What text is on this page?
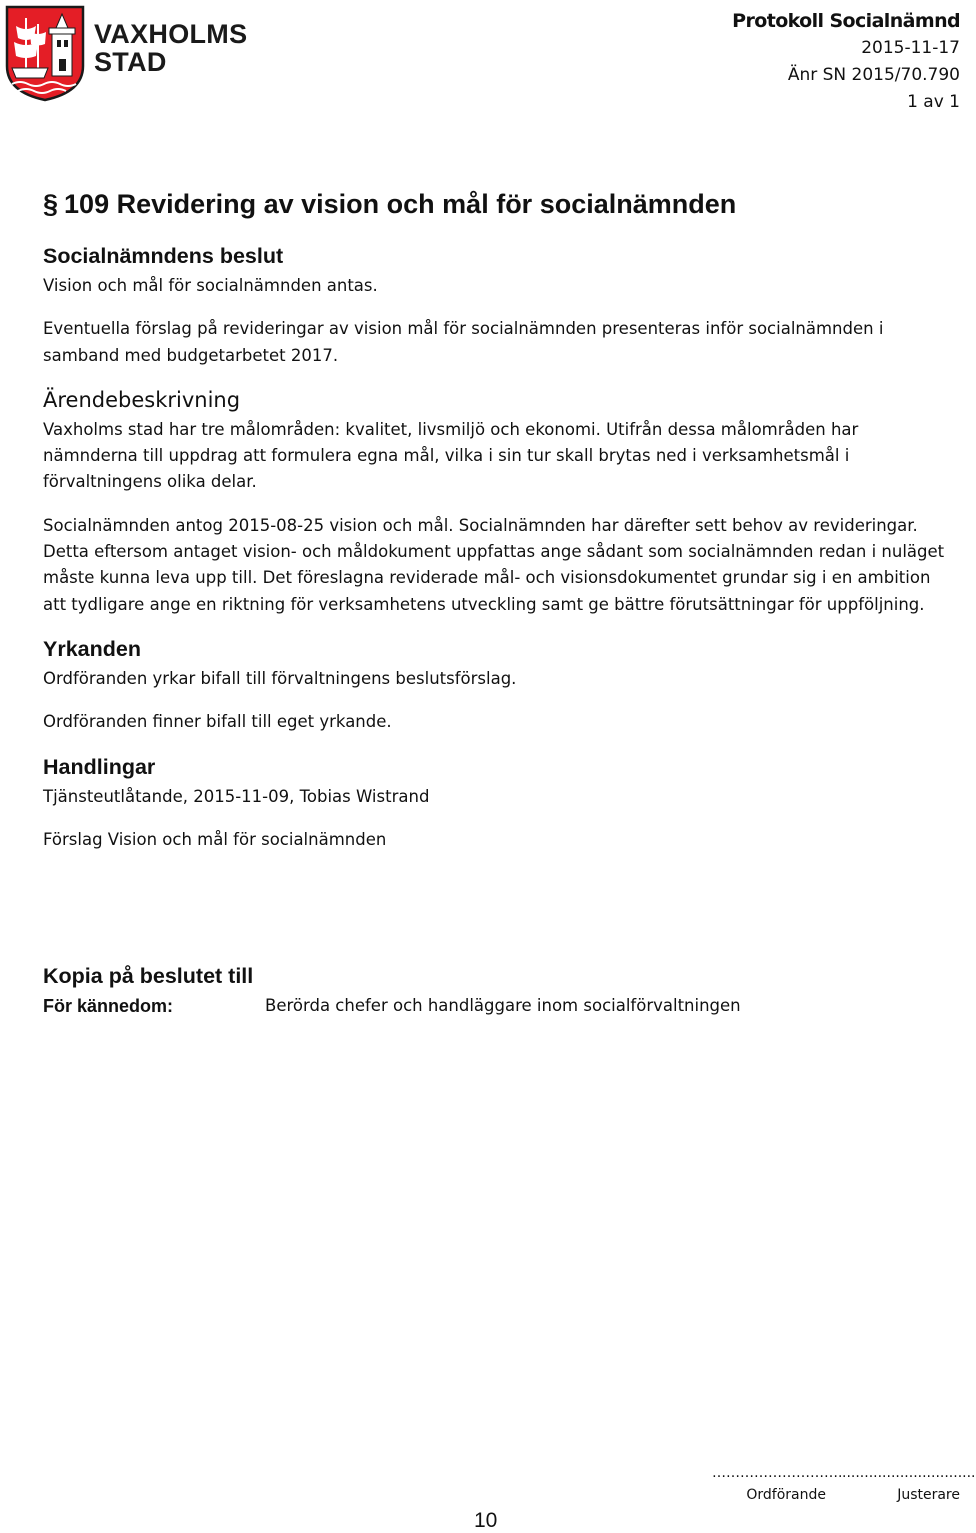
VAXHOLMS
STAD
Protokoll Socialnämnd
2015-11-17
Änr SN 2015/70.790
1 av 1
§ 109 Revidering av vision och mål för socialnämnden
Socialnämndens beslut

Vision och mål för socialnämnden antas.

Eventuella förslag på revideringar av vision mål för socialnämnden presenteras inför socialnämnden i samband med budgetarbetet 2017.

Ärendebeskrivning

Vaxholms stad har tre målområden: kvalitet, livsmiljö och ekonomi. Utifrån dessa målområden har nämnderna till uppdrag att formulera egna mål, vilka i sin tur skall brytas ned i verksamhetsmål i förvaltningens olika delar.

Socialnämnden antog 2015-08-25 vision och mål. Socialnämnden har därefter sett behov av revideringar. Detta eftersom antaget vision- och måldokument uppfattas ange sådant som socialnämnden redan i nuläget måste kunna leva upp till. Det föreslagna reviderade mål- och visionsdokumentet grundar sig i en ambition att tydligare ange en riktning för verksamhetens utveckling samt ge bättre förutsättningar för uppföljning.

Yrkanden

Ordföranden yrkar bifall till förvaltningens beslutsförslag.

Ordföranden finner bifall till eget yrkande.

Handlingar

Tjänsteutlåtande, 2015-11-09, Tobias Wistrand

Förslag Vision och mål för socialnämnden

Kopia på beslutet till
För kännedom:	Berörda chefer och handläggare inom socialförvaltningen
……………………….
Ordförande
..............................
Justerare
10
